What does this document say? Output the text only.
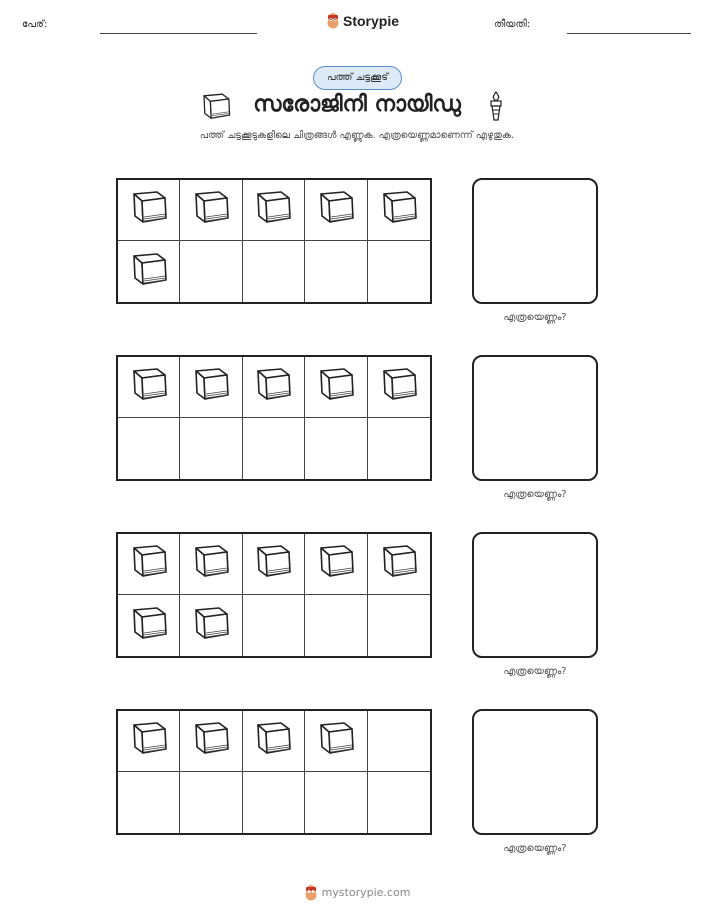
പേര്:	Storypie	തീയതി:
പത്ത് ചട്ടക്കൂട്
സരോജിനി നായിഡു
പത്ത് ചട്ടക്കൂടുകളിലെ ചിത്രങ്ങൾ എണ്ണുക. എത്രയെണ്ണമാണെന്ന് എഴുതുക.
എത്രയെണ്ണം?
എത്രയെണ്ണം?
എത്രയെണ്ണം?
എത്രയെണ്ണം?
mystorypie.com
